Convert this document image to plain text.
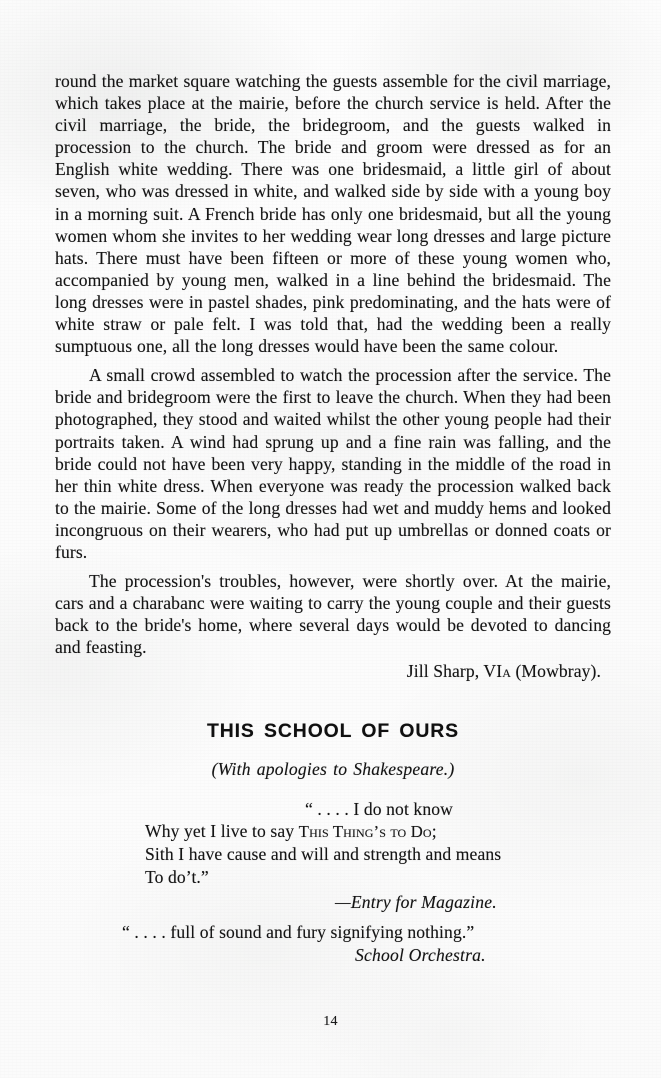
round the market square watching the guests assemble for the civil marriage, which takes place at the mairie, before the church service is held. After the civil marriage, the bride, the bridegroom, and the guests walked in procession to the church. The bride and groom were dressed as for an English white wedding. There was one bridesmaid, a little girl of about seven, who was dressed in white, and walked side by side with a young boy in a morning suit. A French bride has only one bridesmaid, but all the young women whom she invites to her wedding wear long dresses and large picture hats. There must have been fifteen or more of these young women who, accompanied by young men, walked in a line behind the bridesmaid. The long dresses were in pastel shades, pink predominating, and the hats were of white straw or pale felt. I was told that, had the wedding been a really sumptuous one, all the long dresses would have been the same colour.

A small crowd assembled to watch the procession after the service. The bride and bridegroom were the first to leave the church. When they had been photographed, they stood and waited whilst the other young people had their portraits taken. A wind had sprung up and a fine rain was falling, and the bride could not have been very happy, standing in the middle of the road in her thin white dress. When everyone was ready the procession walked back to the mairie. Some of the long dresses had wet and muddy hems and looked incongruous on their wearers, who had put up umbrellas or donned coats or furs.

The procession's troubles, however, were shortly over. At the mairie, cars and a charabanc were waiting to carry the young couple and their guests back to the bride's home, where several days would be devoted to dancing and feasting.

Jill Sharp, VIa (Mowbray).

THIS SCHOOL OF OURS
(With apologies to Shakespeare.)
“ . . . . I do not know
Why yet I live to say This Thing’s to Do;
Sith I have cause and will and strength and means
To do’t.”
—Entry for Magazine.
“ . . . . full of sound and fury signifying nothing.”
School Orchestra.
14
